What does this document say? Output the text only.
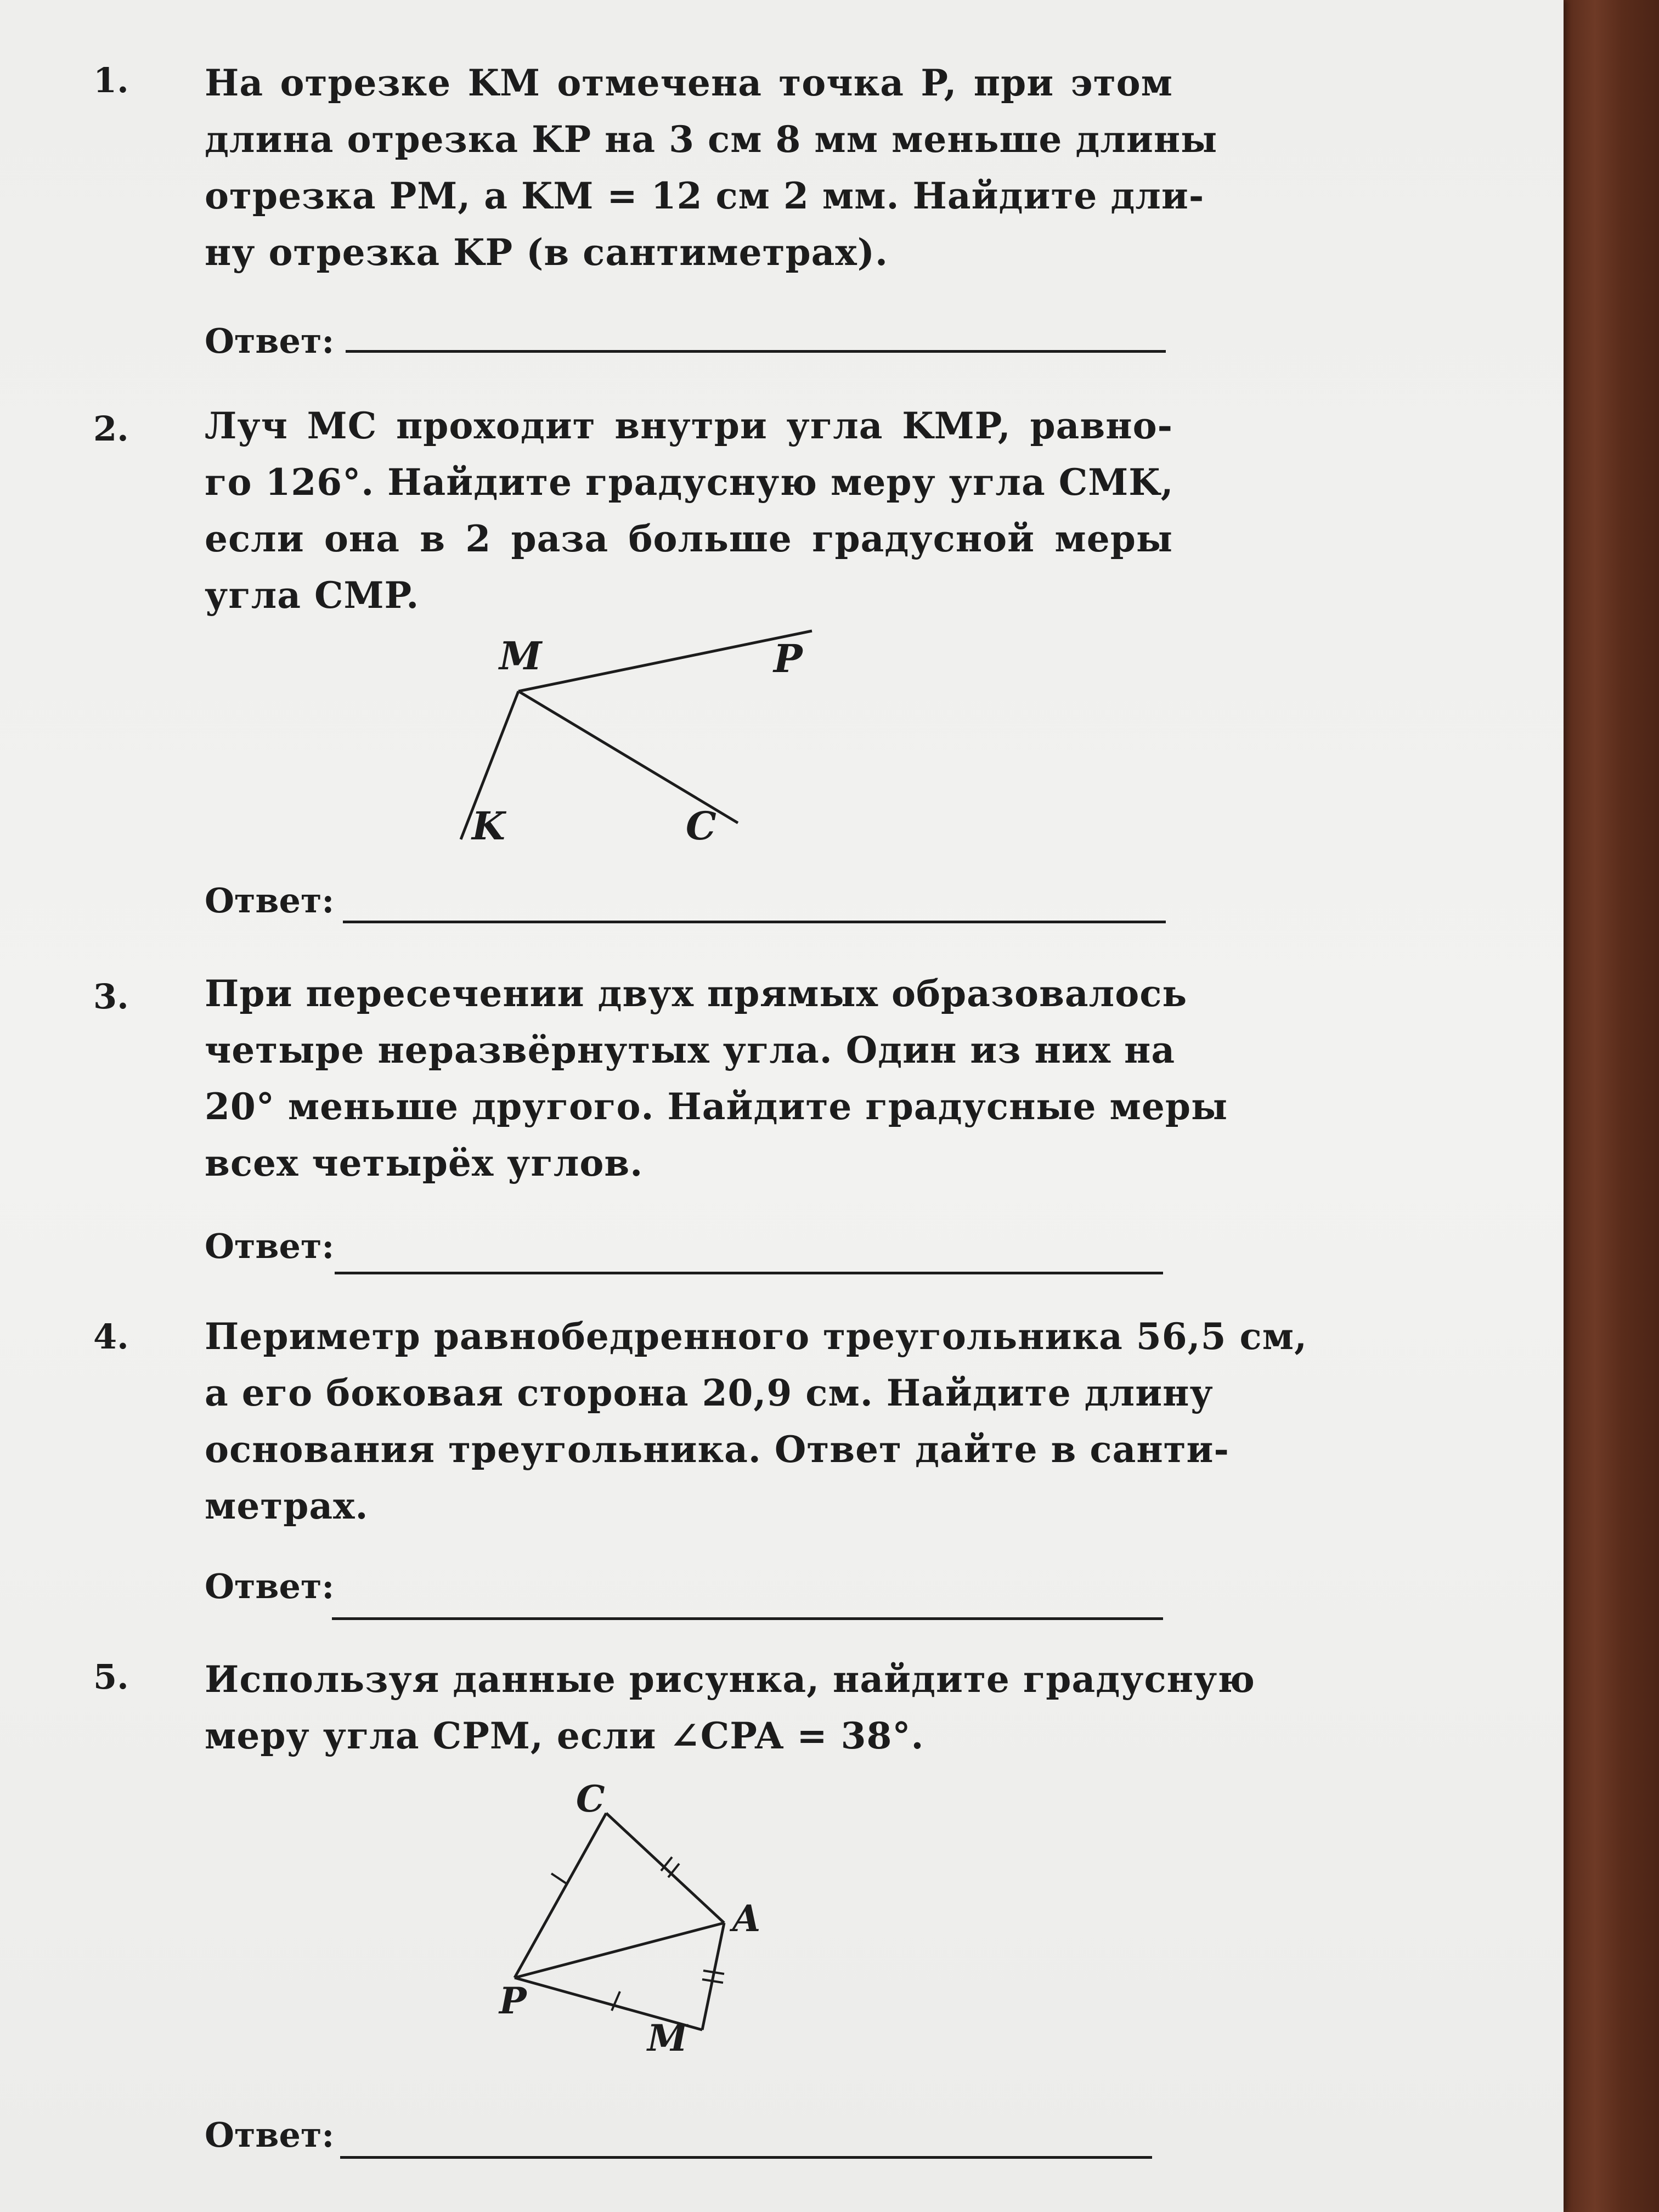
1. На отрезке KM отмечена точка P, при этом
длина отрезка KP на 3 см 8 мм меньше длины
отрезка PM, а KM = 12 см 2 мм. Найдите дли-
ну отрезка KP (в сантиметрах).
Ответ:
2. Луч MC проходит внутри угла KMP, равно-
го 126°. Найдите градусную меру угла CMK,
если она в 2 раза больше градусной меры
угла CMP.
M	P
K	C
Ответ:
3. При пересечении двух прямых образовалось
четыре неразвёрнутых угла. Один из них на
20° меньше другого. Найдите градусные меры
всех четырёх углов.
Ответ:
4. Периметр равнобедренного треугольника 56,5 см,
а его боковая сторона 20,9 см. Найдите длину
основания треугольника. Ответ дайте в санти-
метрах.
Ответ:
5. Используя данные рисунка, найдите градусную
меру угла CPM, если ∠CPA = 38°.
C
A
P
M
Ответ:
